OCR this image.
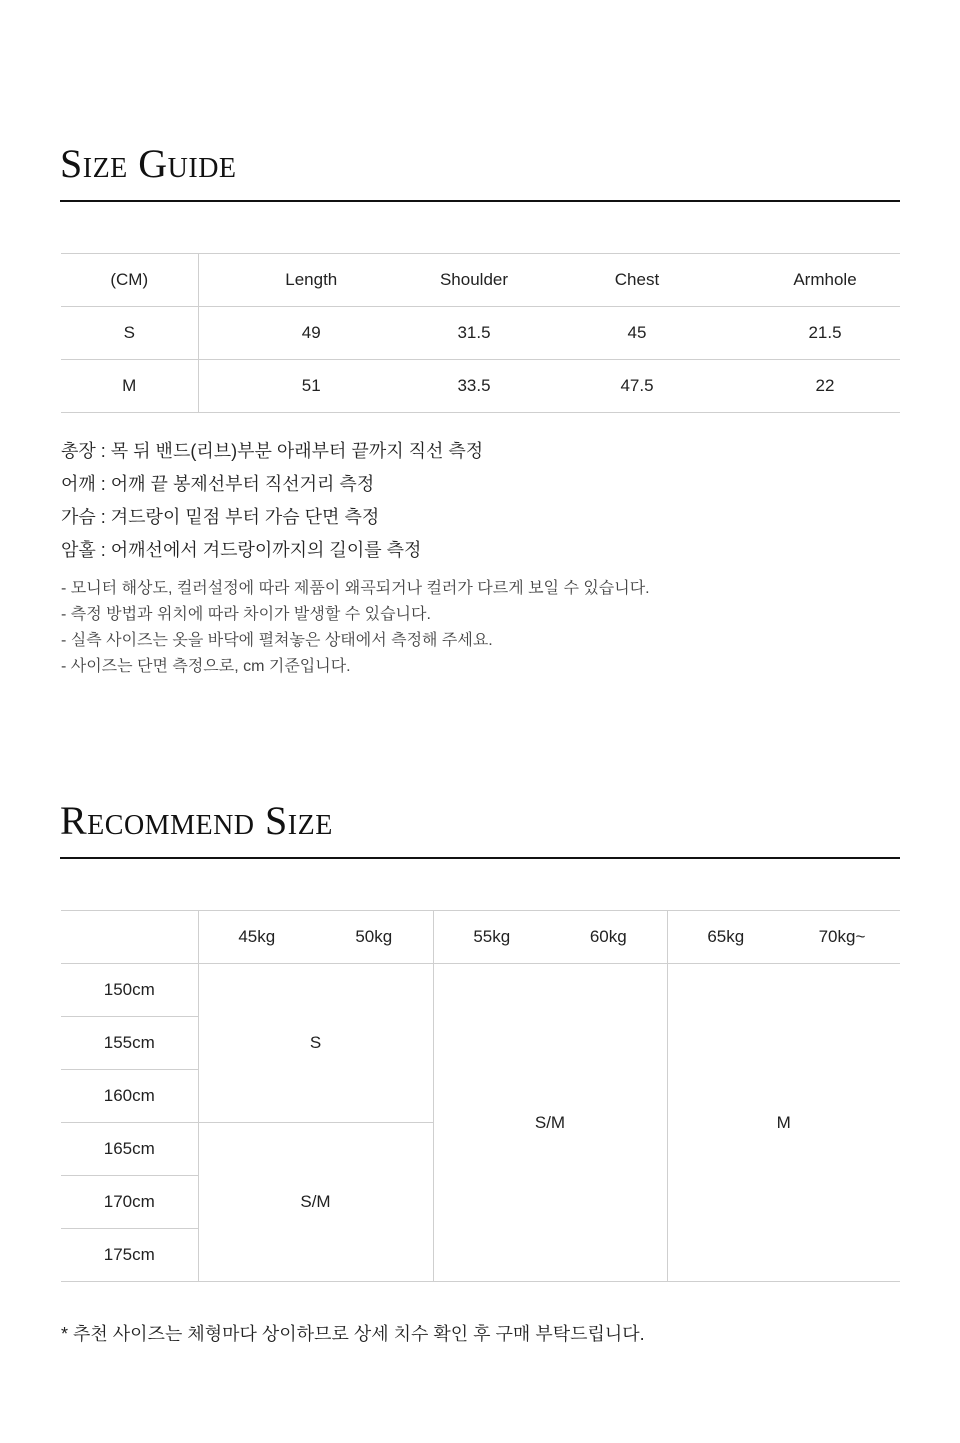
Size Guide
(CM)	Length	Shoulder	Chest	Armhole
S	49	31.5	45	21.5
M	51	33.5	47.5	22
총장 : 목 뒤 밴드(리브)부분 아래부터 끝까지 직선 측정
어깨 : 어깨 끝 봉제선부터 직선거리 측정
가슴 : 겨드랑이 밑점 부터 가슴 단면 측정
암홀 : 어깨선에서 겨드랑이까지의 길이를 측정
- 모니터 해상도, 컬러설정에 따라 제품이 왜곡되거나 컬러가 다르게 보일 수 있습니다.
- 측정 방법과 위치에 따라 차이가 발생할 수 있습니다.
- 실측 사이즈는 옷을 바닥에 펼쳐놓은 상태에서 측정해 주세요.
- 사이즈는 단면 측정으로, cm 기준입니다.
Recommend Size
	45kg	50kg	55kg	60kg	65kg	70kg~
150cm	S		S/M		M	
155cm						
160cm						
165cm	S/M					
170cm						
175cm						

* 추천 사이즈는 체형마다 상이하므로 상세 치수 확인 후 구매 부탁드립니다.
